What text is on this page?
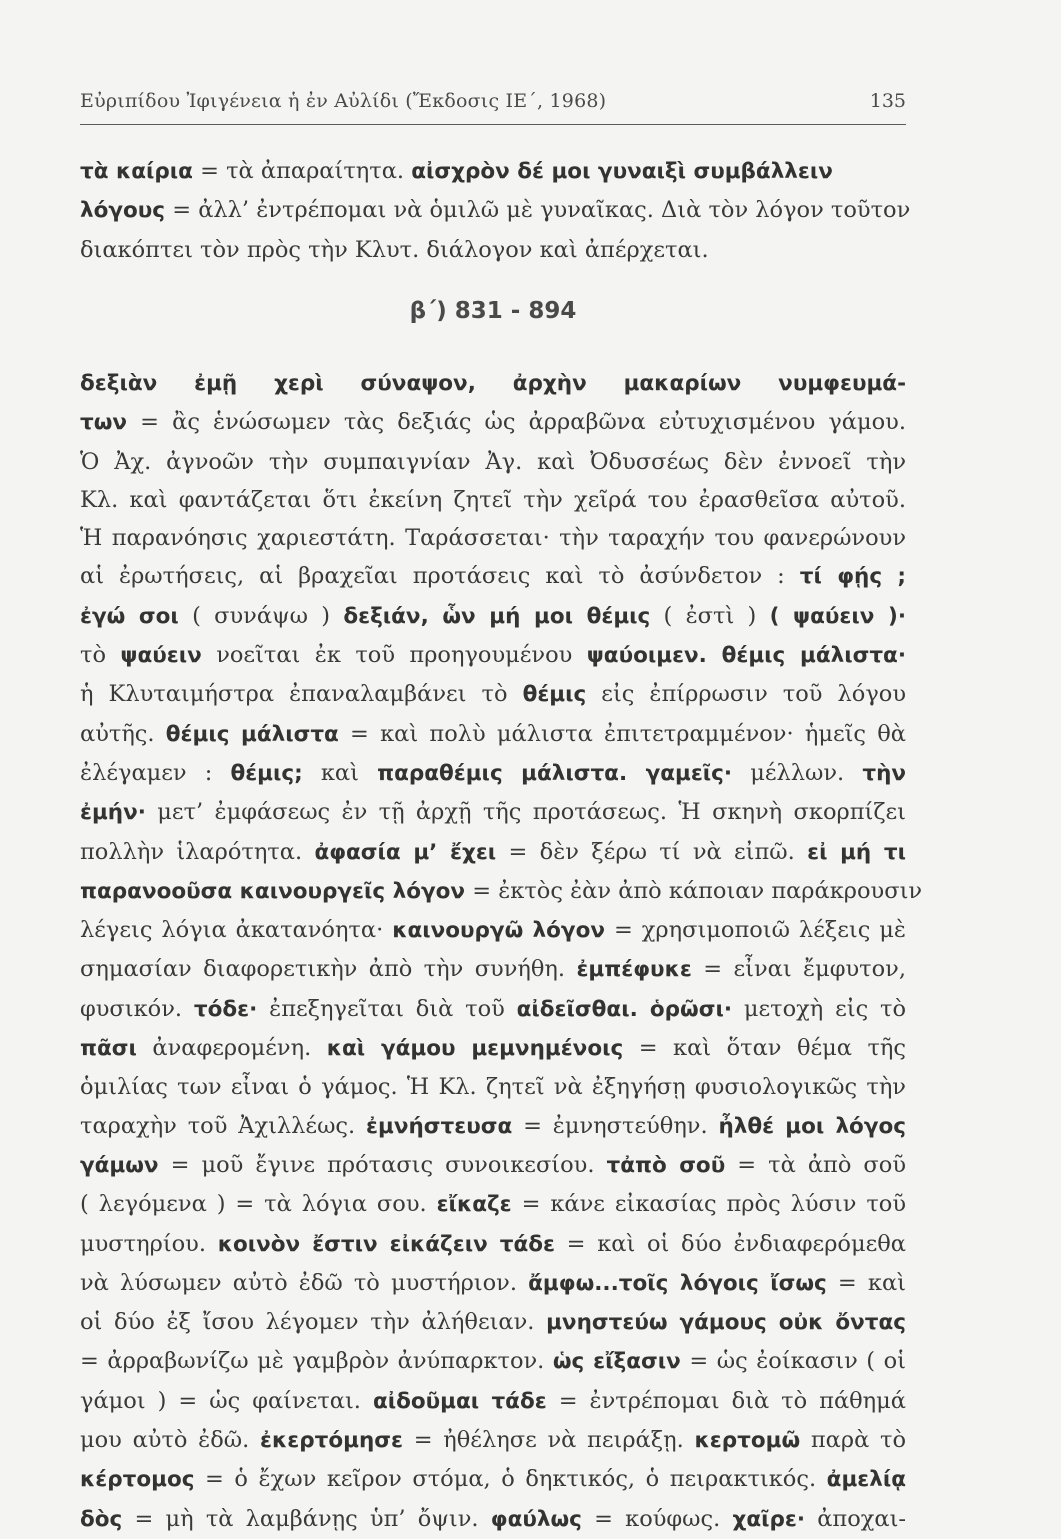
Εὐριπίδου Ἰφιγένεια ἡ ἐν Αὐλίδι (Ἔκδοσις ΙΕ΄, 1968)	135
τὰ καίρια = τὰ ἀπαραίτητα. αἰσχρὸν δέ μοι γυναιξὶ συμβάλλειν
λόγους = ἀλλ’ ἐντρέπομαι νὰ ὁμιλῶ μὲ γυναῖκας. Διὰ τὸν λόγον τοῦτον
διακόπτει τὸν πρὸς τὴν Κλυτ. διάλογον καὶ ἀπέρχεται.
β΄) 831 - 894
δεξιὰν ἐμῇ χερὶ σύναψον, ἀρχὴν μακαρίων νυμφευμά-
των = ἂς ἑνώσωμεν τὰς δεξιάς ὡς ἀρραβῶνα εὐτυχισμένου γάμου.
Ὁ Ἀχ. ἀγνοῶν τὴν συμπαιγνίαν Ἀγ. καὶ Ὀδυσσέως δὲν ἐννοεῖ τὴν
Κλ. καὶ φαντάζεται ὅτι ἐκείνη ζητεῖ τὴν χεῖρά του ἐρασθεῖσα αὐτοῦ.
Ἡ παρανόησις χαριεστάτη. Ταράσσεται· τὴν ταραχήν του φανερώνουν
αἱ ἐρωτήσεις, αἱ βραχεῖαι προτάσεις καὶ τὸ ἀσύνδετον : τί φῄς ;
ἐγώ σοι ( συνάψω ) δεξιάν, ὧν μή μοι θέμις ( ἐστὶ ) ( ψαύειν )·
τὸ ψαύειν νοεῖται ἐκ τοῦ προηγουμένου ψαύοιμεν. θέμις μάλιστα·
ἡ Κλυταιμήστρα ἐπαναλαμβάνει τὸ θέμις εἰς ἐπίρρωσιν τοῦ λόγου
αὐτῆς. θέμις μάλιστα = καὶ πολὺ μάλιστα ἐπιτετραμμένον· ἡμεῖς θὰ
ἐλέγαμεν : θέμις; καὶ παραθέμις μάλιστα. γαμεῖς· μέλλων. τὴν
ἐμήν· μετ’ ἐμφάσεως ἐν τῇ ἀρχῇ τῆς προτάσεως. Ἡ σκηνὴ σκορπίζει
πολλὴν ἱλαρότητα. ἀφασία μ’ ἔχει = δὲν ξέρω τί νὰ εἰπῶ. εἰ μή τι
παρανοοῦσα καινουργεῖς λόγον = ἐκτὸς ἐὰν ἀπὸ κάποιαν παράκρουσιν
λέγεις λόγια ἀκατανόητα· καινουργῶ λόγον = χρησιμοποιῶ λέξεις μὲ
σημασίαν διαφορετικὴν ἀπὸ τὴν συνήθη. ἐμπέφυκε = εἶναι ἔμφυτον,
φυσικόν. τόδε· ἐπεξηγεῖται διὰ τοῦ αἰδεῖσθαι. ὁρῶσι· μετοχὴ εἰς τὸ
πᾶσι ἀναφερομένη. καὶ γάμου μεμνημένοις = καὶ ὅταν θέμα τῆς
ὁμιλίας των εἶναι ὁ γάμος. Ἡ Κλ. ζητεῖ νὰ ἐξηγήσῃ φυσιολογικῶς τὴν
ταραχὴν τοῦ Ἀχιλλέως. ἐμνήστευσα = ἐμνηστεύθην. ἦλθέ μοι λόγος
γάμων = μοῦ ἔγινε πρότασις συνοικεσίου. τἀπὸ σοῦ = τὰ ἀπὸ σοῦ
( λεγόμενα ) = τὰ λόγια σου. εἴκαζε = κάνε εἰκασίας πρὸς λύσιν τοῦ
μυστηρίου. κοινὸν ἔστιν εἰκάζειν τάδε = καὶ οἱ δύο ἐνδιαφερόμεθα
νὰ λύσωμεν αὐτὸ ἐδῶ τὸ μυστήριον. ἄμφω...τοῖς λόγοις ἴσως = καὶ
οἱ δύο ἐξ ἴσου λέγομεν τὴν ἀλήθειαν. μνηστεύω γάμους οὐκ ὄντας
= ἀρραβωνίζω μὲ γαμβρὸν ἀνύπαρκτον. ὡς εἴξασιν = ὡς ἐοίκασιν ( οἱ
γάμοι ) = ὡς φαίνεται. αἰδοῦμαι τάδε = ἐντρέπομαι διὰ τὸ πάθημά
μου αὐτὸ ἐδῶ. ἐκερτόμησε = ἠθέλησε νὰ πειράξῃ. κερτομῶ παρὰ τὸ
κέρτομος = ὁ ἔχων κεῖρον στόμα, ὁ δηκτικός, ὁ πειρακτικός. ἀμελίᾳ
δὸς = μὴ τὰ λαμβάνῃς ὑπ’ ὄψιν. φαύλως = κούφως. χαῖρε· ἀποχαι-
